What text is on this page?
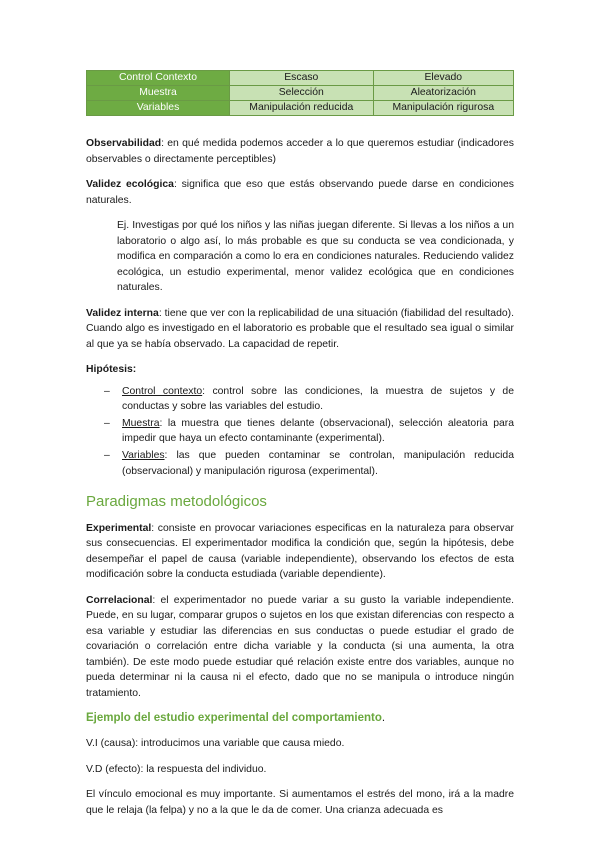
Control Contexto	Escaso	Elevado
Muestra	Selección	Aleatorización
Variables	Manipulación reducida	Manipulación rigurosa

Observabilidad: en qué medida podemos acceder a lo que queremos estudiar (indicadores observables o directamente perceptibles)

Validez ecológica: significa que eso que estás observando puede darse en condiciones naturales.

Ej. Investigas por qué los niños y las niñas juegan diferente. Si llevas a los niños a un laboratorio o algo así, lo más probable es que su conducta se vea condicionada, y modifica en comparación a como lo era en condiciones naturales. Reduciendo validez ecológica, un estudio experimental, menor validez ecológica que en condiciones naturales.

Validez interna: tiene que ver con la replicabilidad de una situación (fiabilidad del resultado). Cuando algo es investigado en el laboratorio es probable que el resultado sea igual o similar al que ya se había observado. La capacidad de repetir.

Hipótesis:

– Control contexto: control sobre las condiciones, la muestra de sujetos y de conductas y sobre las variables del estudio.
– Muestra: la muestra que tienes delante (observacional), selección aleatoria para impedir que haya un efecto contaminante (experimental).
– Variables: las que pueden contaminar se controlan, manipulación reducida (observacional) y manipulación rigurosa (experimental).
Paradigmas metodológicos

Experimental: consiste en provocar variaciones especificas en la naturaleza para observar sus consecuencias. El experimentador modifica la condición que, según la hipótesis, debe desempeñar el papel de causa (variable independiente), observando los efectos de esta modificación sobre la conducta estudiada (variable dependiente).

Correlacional: el experimentador no puede variar a su gusto la variable independiente. Puede, en su lugar, comparar grupos o sujetos en los que existan diferencias con respecto a esa variable y estudiar las diferencias en sus conductas o puede estudiar el grado de covariación o correlación entre dicha variable y la conducta (si una aumenta, la otra también). De este modo puede estudiar qué relación existe entre dos variables, aunque no pueda determinar ni la causa ni el efecto, dado que no se manipula o introduce ningún tratamiento.

Ejemplo del estudio experimental del comportamiento.

V.I (causa): introducimos una variable que causa miedo.

V.D (efecto): la respuesta del individuo.

El vínculo emocional es muy importante. Si aumentamos el estrés del mono, irá a la madre que le relaja (la felpa) y no a la que le da de comer. Una crianza adecuada es
